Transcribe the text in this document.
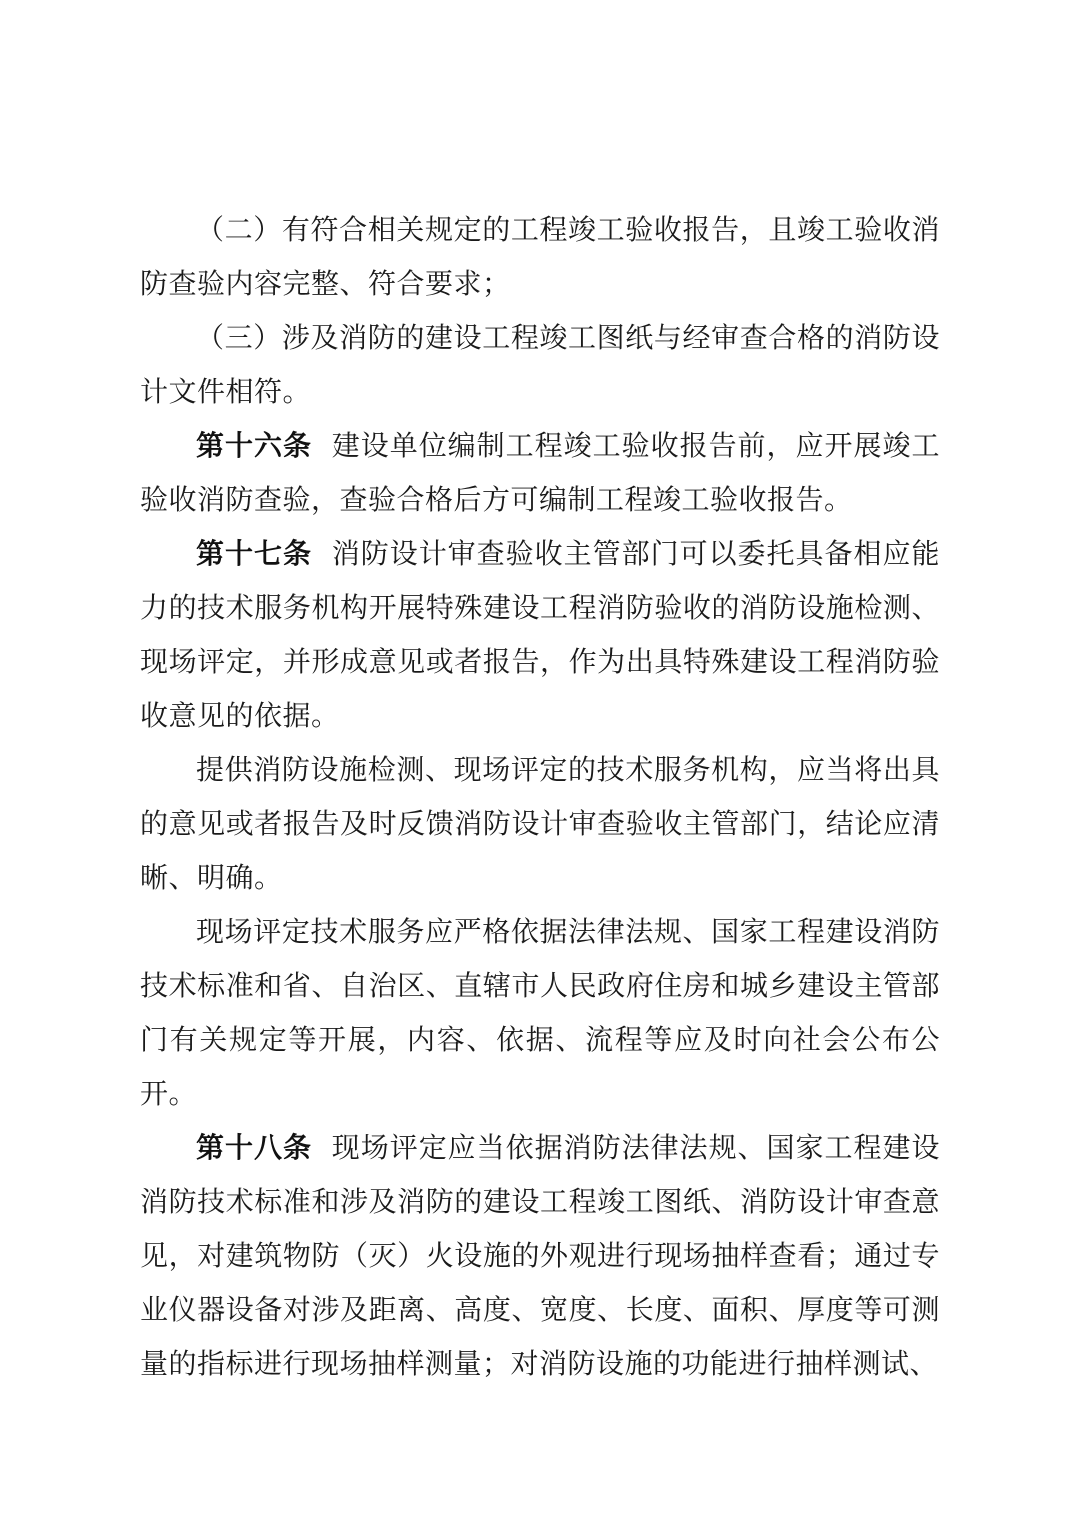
（二）有符合相关规定的工程竣工验收报告，且竣工验收消防查验内容完整、符合要求；

（三）涉及消防的建设工程竣工图纸与经审查合格的消防设计文件相符。

第十六条 建设单位编制工程竣工验收报告前，应开展竣工验收消防查验，查验合格后方可编制工程竣工验收报告。

第十七条 消防设计审查验收主管部门可以委托具备相应能力的技术服务机构开展特殊建设工程消防验收的消防设施检测、现场评定，并形成意见或者报告，作为出具特殊建设工程消防验收意见的依据。

提供消防设施检测、现场评定的技术服务机构，应当将出具的意见或者报告及时反馈消防设计审查验收主管部门，结论应清晰、明确。

现场评定技术服务应严格依据法律法规、国家工程建设消防技术标准和省、自治区、直辖市人民政府住房和城乡建设主管部门有关规定等开展，内容、依据、流程等应及时向社会公布公开。

第十八条 现场评定应当依据消防法律法规、国家工程建设消防技术标准和涉及消防的建设工程竣工图纸、消防设计审查意见，对建筑物防（灭）火设施的外观进行现场抽样查看；通过专业仪器设备对涉及距离、高度、宽度、长度、面积、厚度等可测量的指标进行现场抽样测量；对消防设施的功能进行抽样测试、
